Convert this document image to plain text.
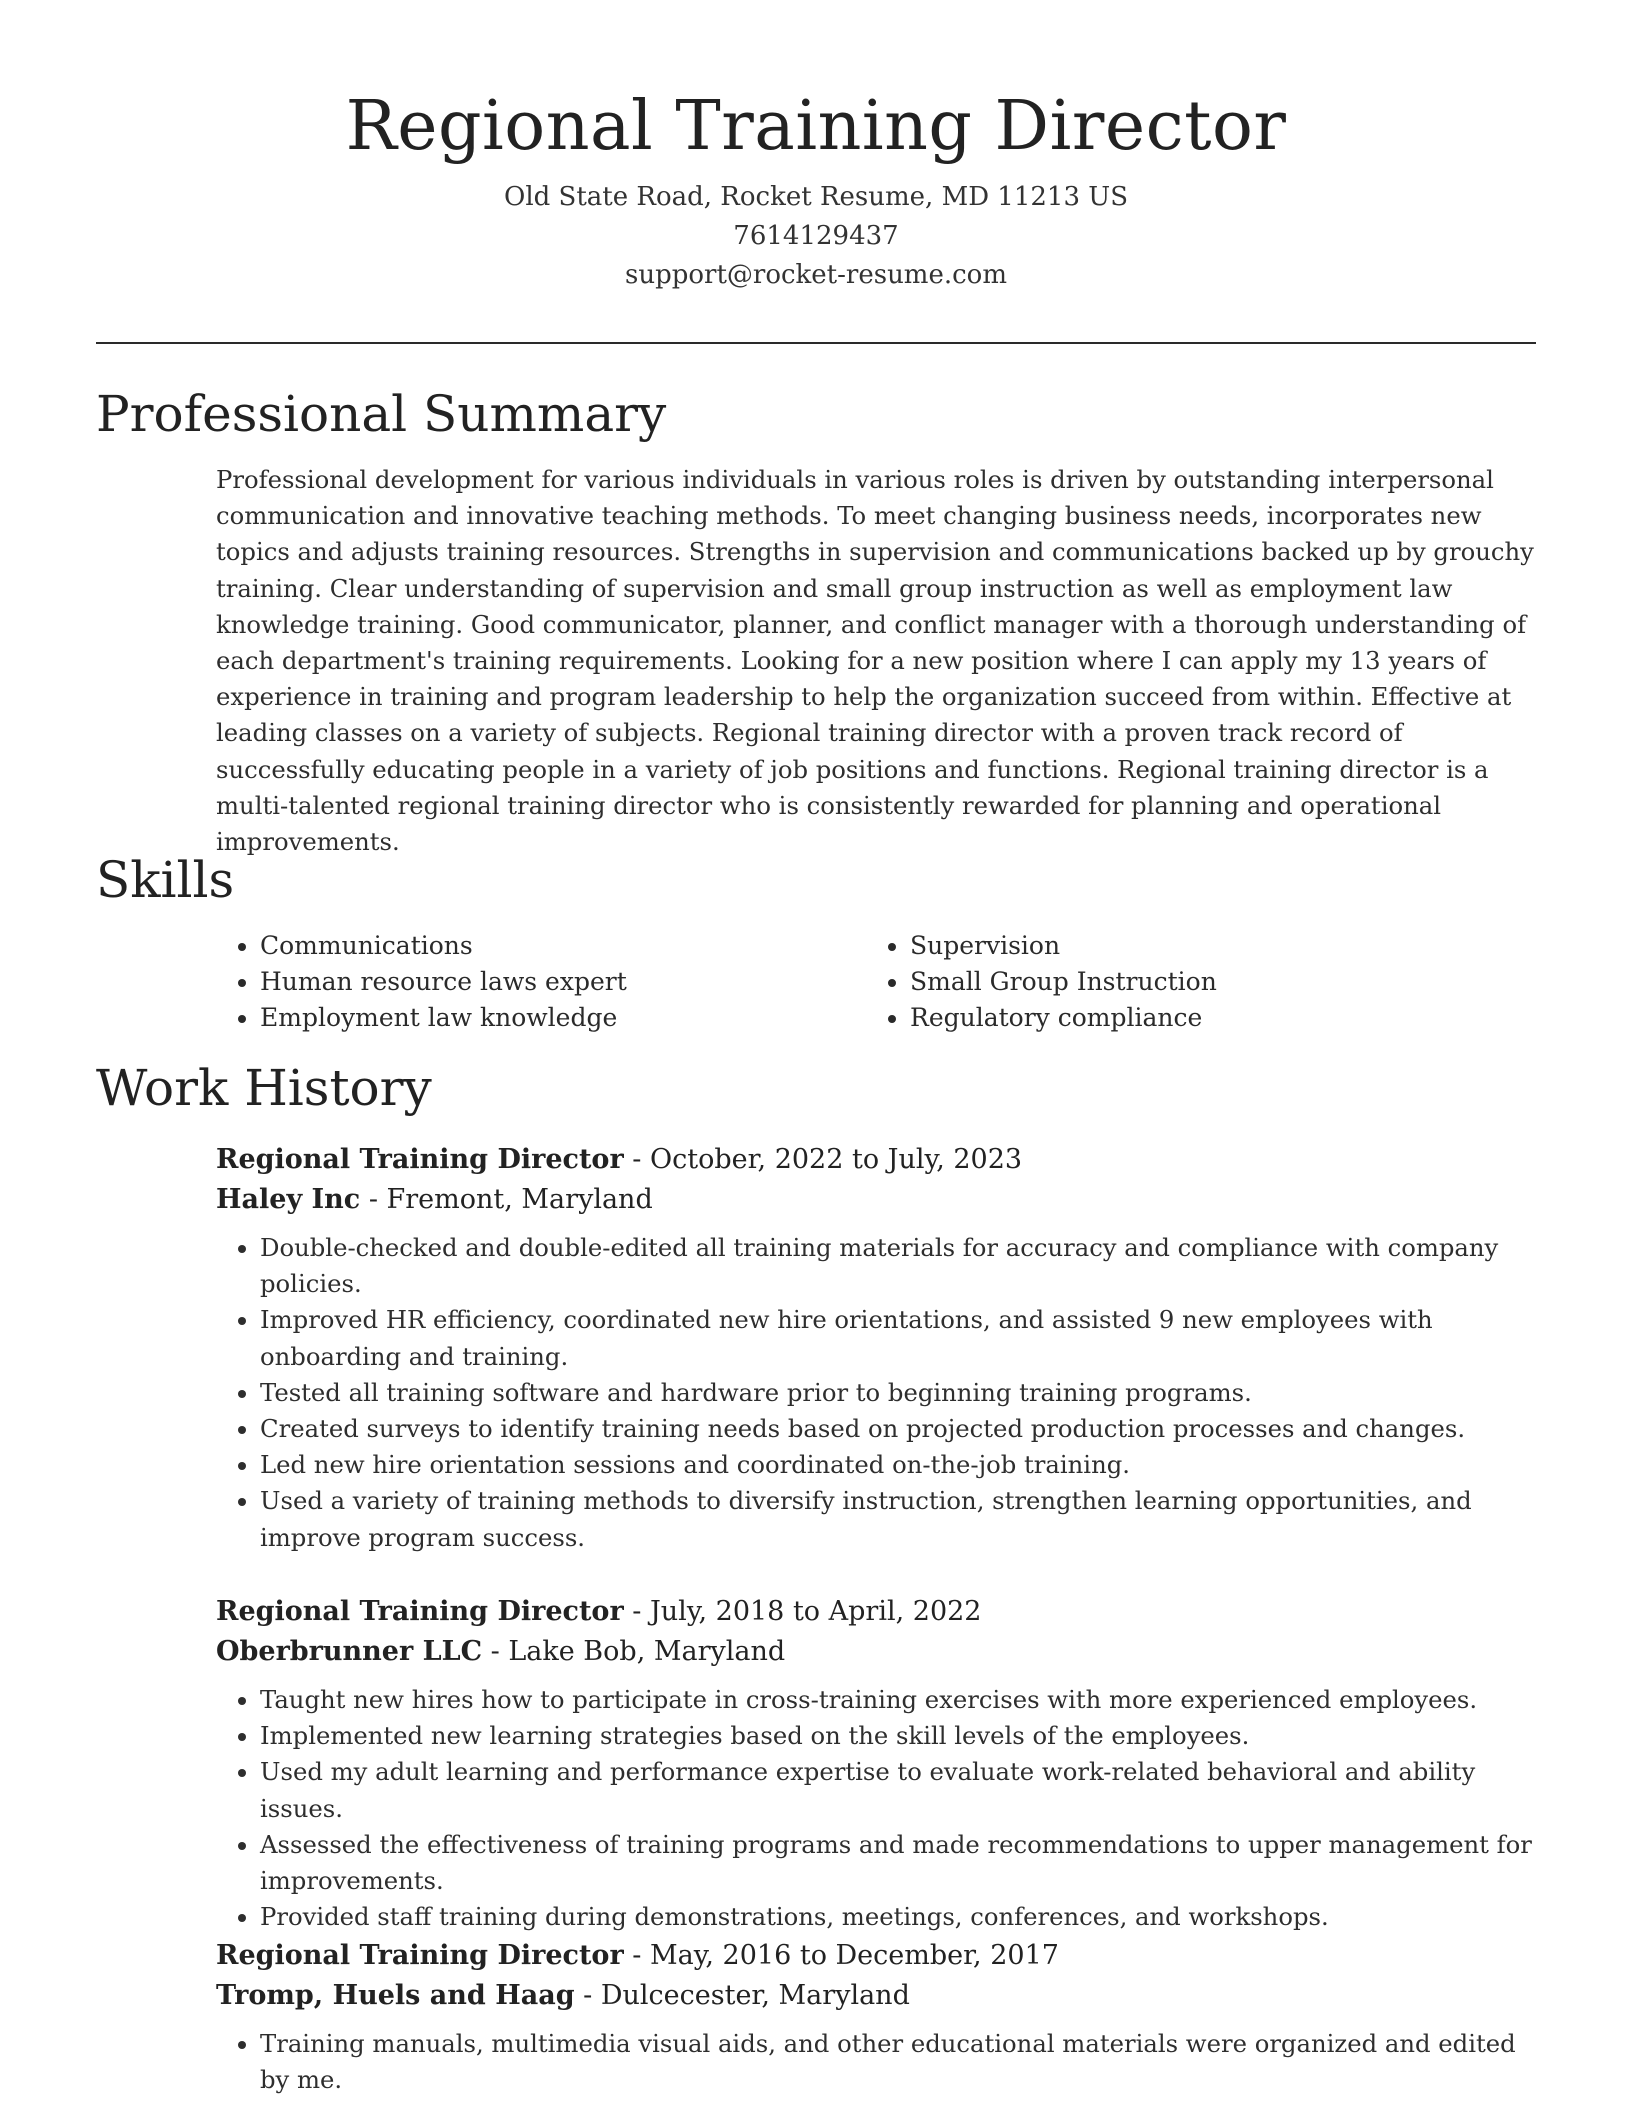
Regional Training Director
Old State Road, Rocket Resume, MD 11213 US
7614129437
support@rocket-resume.com
Professional Summary

Professional development for various individuals in various roles is driven by outstanding interpersonal communication and innovative teaching methods. To meet changing business needs, incorporates new topics and adjusts training resources. Strengths in supervision and communications backed up by grouchy training. Clear understanding of supervision and small group instruction as well as employment law knowledge training. Good communicator, planner, and conflict manager with a thorough understanding of each department's training requirements. Looking for a new position where I can apply my 13 years of experience in training and program leadership to help the organization succeed from within. Effective at leading classes on a variety of subjects. Regional training director with a proven track record of successfully educating people in a variety of job positions and functions. Regional training director is a multi-talented regional training director who is consistently rewarded for planning and operational improvements.

Skills
• Communications
• Human resource laws expert
• Employment law knowledge
• Supervision
• Small Group Instruction
• Regulatory compliance
Work History
Regional Training Director - October, 2022 to July, 2023
Haley Inc - Fremont, Maryland
• Double-checked and double-edited all training materials for accuracy and compliance with company policies.
• Improved HR efficiency, coordinated new hire orientations, and assisted 9 new employees with onboarding and training.
• Tested all training software and hardware prior to beginning training programs.
• Created surveys to identify training needs based on projected production processes and changes.
• Led new hire orientation sessions and coordinated on-the-job training.
• Used a variety of training methods to diversify instruction, strengthen learning opportunities, and improve program success.
Regional Training Director - July, 2018 to April, 2022
Oberbrunner LLC - Lake Bob, Maryland
• Taught new hires how to participate in cross-training exercises with more experienced employees.
• Implemented new learning strategies based on the skill levels of the employees.
• Used my adult learning and performance expertise to evaluate work-related behavioral and ability issues.
• Assessed the effectiveness of training programs and made recommendations to upper management for improvements.
• Provided staff training during demonstrations, meetings, conferences, and workshops.
Regional Training Director - May, 2016 to December, 2017
Tromp, Huels and Haag - Dulcecester, Maryland
• Training manuals, multimedia visual aids, and other educational materials were organized and edited by me.
